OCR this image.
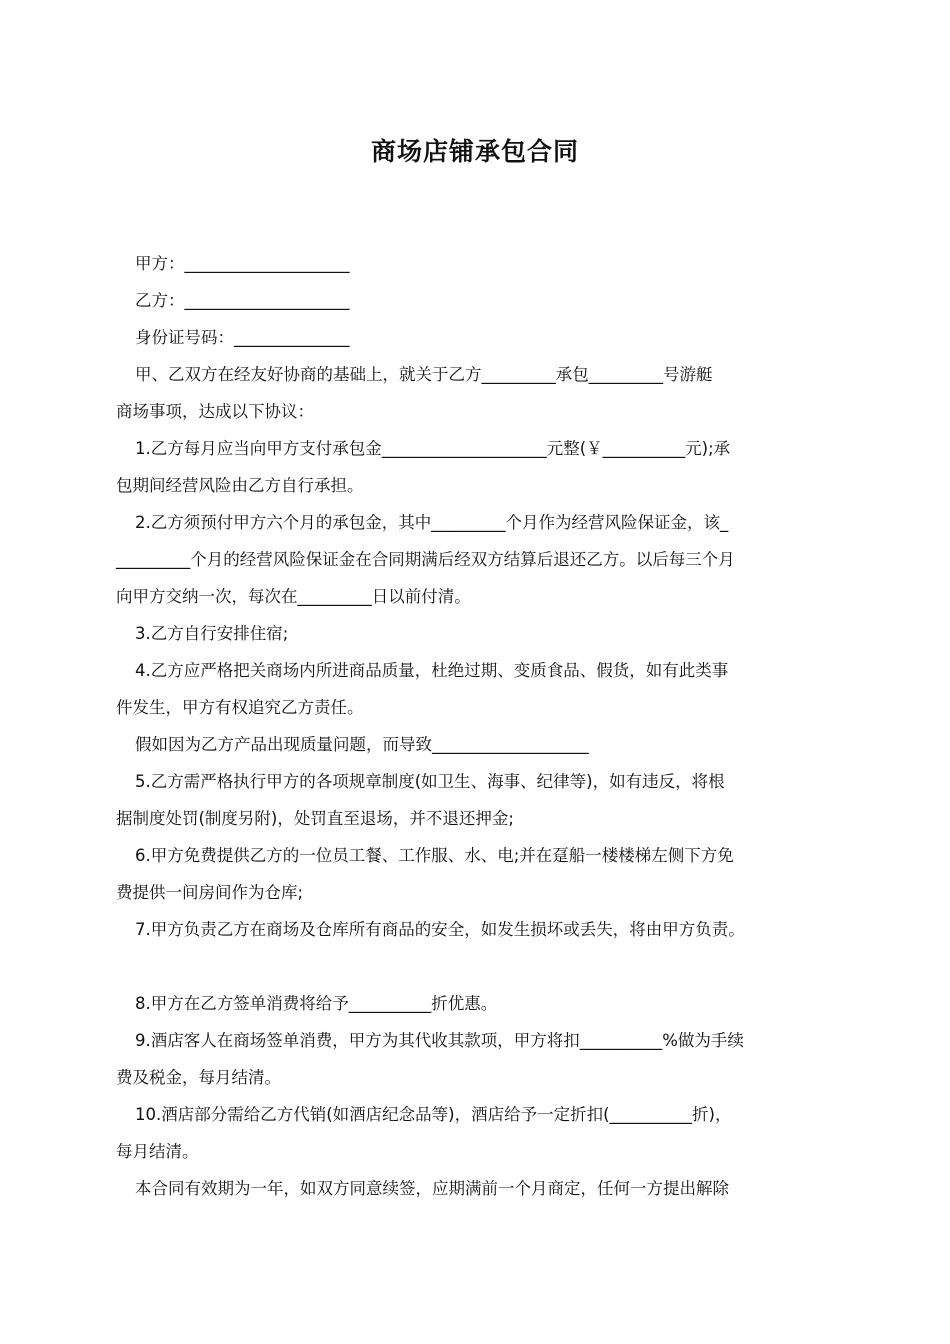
商场店铺承包合同

甲方：____________________

乙方：____________________

身份证号码：______________

甲、乙双方在经友好协商的基础上，就关于乙方_________承包_________号游艇

商场事项，达成以下协议：

1.乙方每月应当向甲方支付承包金____________________元整(￥__________元);承

包期间经营风险由乙方自行承担。

2.乙方须预付甲方六个月的承包金，其中_________个月作为经营风险保证金，该_

_________个月的经营风险保证金在合同期满后经双方结算后退还乙方。以后每三个月

向甲方交纳一次，每次在_________日以前付清。

3.乙方自行安排住宿;

4.乙方应严格把关商场内所进商品质量，杜绝过期、变质食品、假货，如有此类事

件发生，甲方有权追究乙方责任。

假如因为乙方产品出现质量问题，而导致___________________

5.乙方需严格执行甲方的各项规章制度(如卫生、海事、纪律等)，如有违反，将根

据制度处罚(制度另附)，处罚直至退场，并不退还押金;

6.甲方免费提供乙方的一位员工餐、工作服、水、电;并在趸船一楼楼梯左侧下方免

费提供一间房间作为仓库;

7.甲方负责乙方在商场及仓库所有商品的安全，如发生损坏或丢失，将由甲方负责。

8.甲方在乙方签单消费将给予__________折优惠。

9.酒店客人在商场签单消费，甲方为其代收其款项，甲方将扣__________%做为手续

费及税金，每月结清。

10.酒店部分需给乙方代销(如酒店纪念品等)，酒店给予一定折扣(__________折)，

每月结清。

本合同有效期为一年，如双方同意续签，应期满前一个月商定，任何一方提出解除
